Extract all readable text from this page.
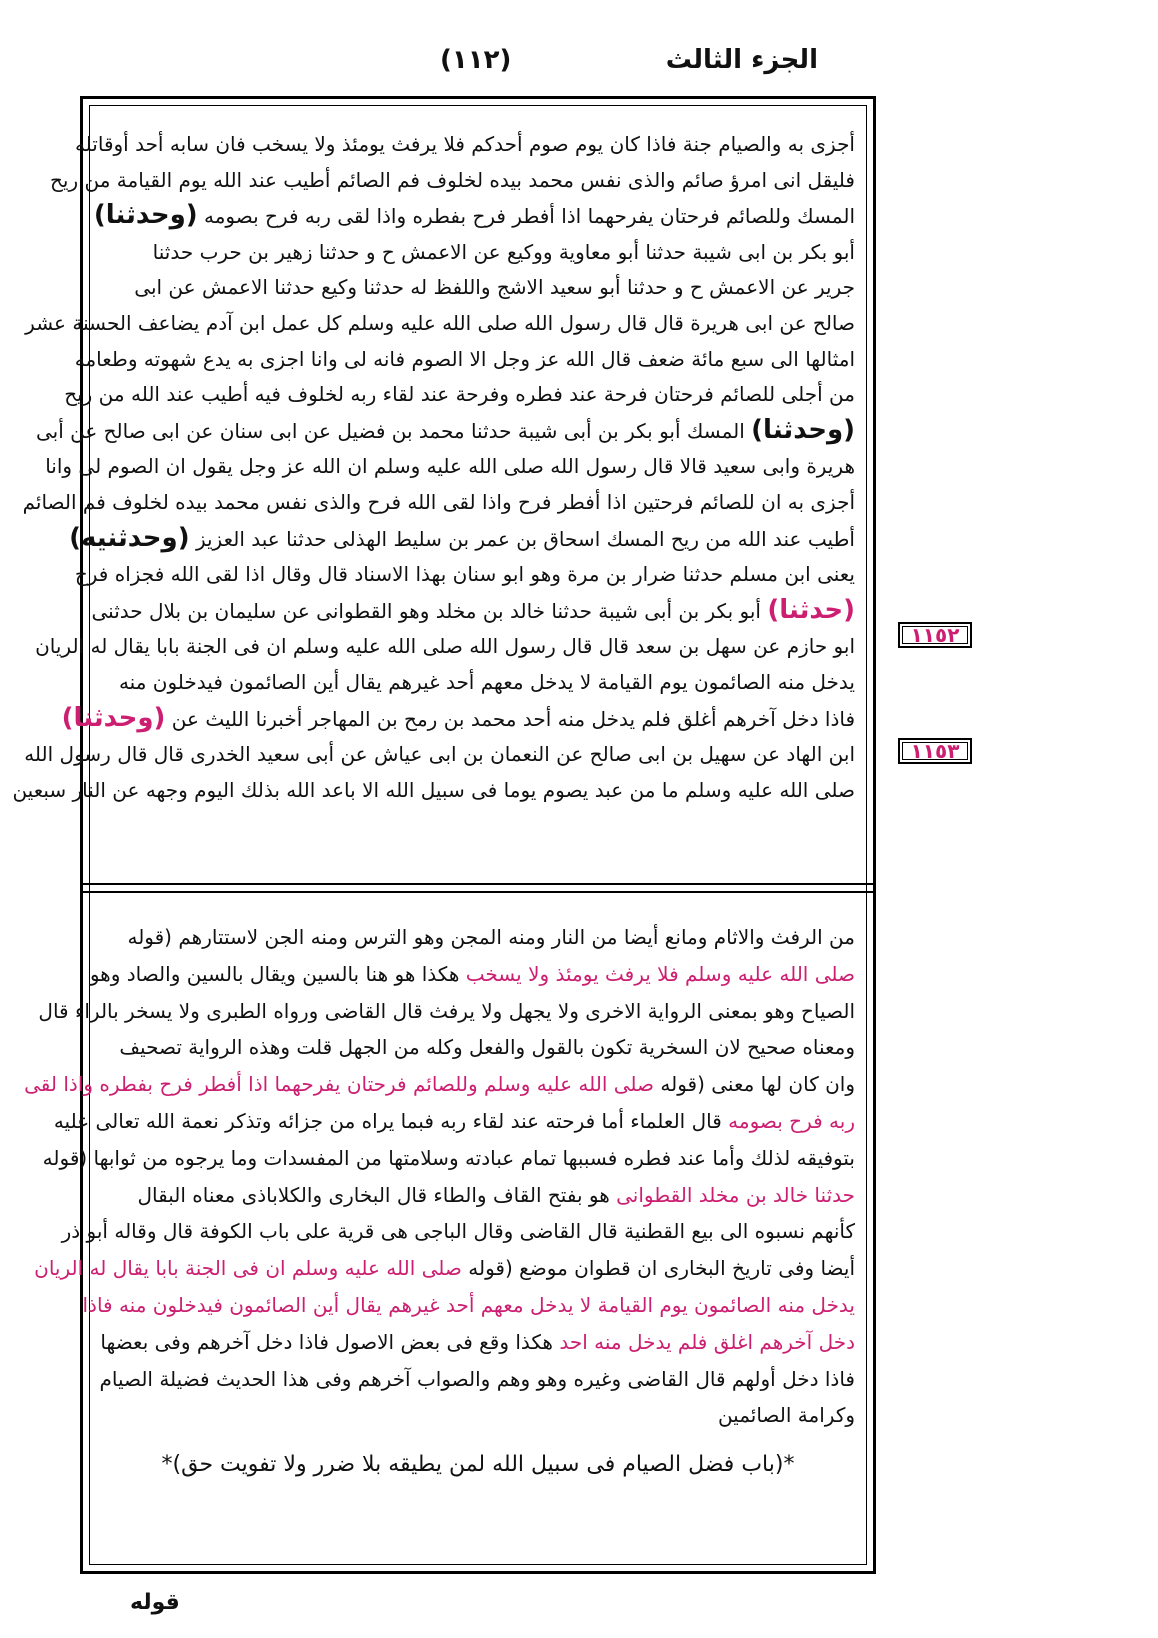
الجزء الثالث
(١١٢)
١١٥٢
١١٥٣
أجزى به والصيام جنة فاذا كان يوم صوم أحدكم فلا يرفث يومئذ ولا يسخب فان سابه أحد أوقاتله
فليقل انى امرؤ صائم والذى نفس محمد بيده لخلوف فم الصائم أطيب عند الله يوم القيامة من ريح
المسك وللصائم فرحتان يفرحهما اذا أفطر فرح بفطره واذا لقى ربه فرح بصومه (وحدثنا)
أبو بكر بن ابى شيبة حدثنا أبو معاوية ووكيع عن الاعمش ح و حدثنا زهير بن حرب حدثنا
جرير عن الاعمش ح و حدثنا أبو سعيد الاشج واللفظ له حدثنا وكيع حدثنا الاعمش عن ابى
صالح عن ابى هريرة قال قال رسول الله صلى الله عليه وسلم كل عمل ابن آدم يضاعف الحسنة عشر
امثالها الى سبع مائة ضعف قال الله عز وجل الا الصوم فانه لى وانا اجزى به يدع شهوته وطعامه
من أجلى للصائم فرحتان فرحة عند فطره وفرحة عند لقاء ربه لخلوف فيه أطيب عند الله من ريح
(وحدثنا) المسك أبو بكر بن أبى شيبة حدثنا محمد بن فضيل عن ابى سنان عن ابى صالح عن أبى
هريرة وابى سعيد قالا قال رسول الله صلى الله عليه وسلم ان الله عز وجل يقول ان الصوم لى وانا
أجزى به ان للصائم فرحتين اذا أفطر فرح واذا لقى الله فرح والذى نفس محمد بيده لخلوف فم الصائم
أطيب عند الله من ريح المسك اسحاق بن عمر بن سليط الهذلى حدثنا عبد العزيز (وحدثنيه)
يعنى ابن مسلم حدثنا ضرار بن مرة وهو ابو سنان بهذا الاسناد قال وقال اذا لقى الله فجزاه فرح
(حدثنا) أبو بكر بن أبى شيبة حدثنا خالد بن مخلد وهو القطوانى عن سليمان بن بلال حدثنى
ابو حازم عن سهل بن سعد قال قال رسول الله صلى الله عليه وسلم ان فى الجنة بابا يقال له الريان
يدخل منه الصائمون يوم القيامة لا يدخل معهم أحد غيرهم يقال أين الصائمون فيدخلون منه
فاذا دخل آخرهم أغلق فلم يدخل منه أحد محمد بن رمح بن المهاجر أخبرنا الليث عن (وحدثنا)
ابن الهاد عن سهيل بن ابى صالح عن النعمان بن ابى عياش عن أبى سعيد الخدرى قال قال رسول الله
صلى الله عليه وسلم ما من عبد يصوم يوما فى سبيل الله الا باعد الله بذلك اليوم وجهه عن النار سبعين
من الرفث والاثام ومانع أيضا من النار ومنه المجن وهو الترس ومنه الجن لاستتارهم (قوله
صلى الله عليه وسلم فلا يرفث يومئذ ولا يسخب هكذا هو هنا بالسين ويقال بالسين والصاد وهو
الصياح وهو بمعنى الرواية الاخرى ولا يجهل ولا يرفث قال القاضى ورواه الطبرى ولا يسخر بالراء قال
ومعناه صحيح لان السخرية تكون بالقول والفعل وكله من الجهل قلت وهذه الرواية تصحيف
وان كان لها معنى (قوله صلى الله عليه وسلم وللصائم فرحتان يفرحهما اذا أفطر فرح بفطره واذا لقى
ربه فرح بصومه قال العلماء أما فرحته عند لقاء ربه فبما يراه من جزائه وتذكر نعمة الله تعالى عليه
بتوفيقه لذلك وأما عند فطره فسببها تمام عبادته وسلامتها من المفسدات وما يرجوه من ثوابها (قوله
حدثنا خالد بن مخلد القطوانى هو بفتح القاف والطاء قال البخارى والكلاباذى معناه البقال
كأنهم نسبوه الى بيع القطنية قال القاضى وقال الباجى هى قرية على باب الكوفة قال وقاله أبو ذر
أيضا وفى تاريخ البخارى ان قطوان موضع (قوله صلى الله عليه وسلم ان فى الجنة بابا يقال له الريان
يدخل منه الصائمون يوم القيامة لا يدخل معهم أحد غيرهم يقال أين الصائمون فيدخلون منه فاذا
دخل آخرهم اغلق فلم يدخل منه احد هكذا وقع فى بعض الاصول فاذا دخل آخرهم وفى بعضها
فاذا دخل أولهم قال القاضى وغيره وهو وهم والصواب آخرهم وفى هذا الحديث فضيلة الصيام
وكرامة الصائمين
*(باب فضل الصيام فى سبيل الله لمن يطيقه بلا ضرر ولا تفويت حق)*
قوله
